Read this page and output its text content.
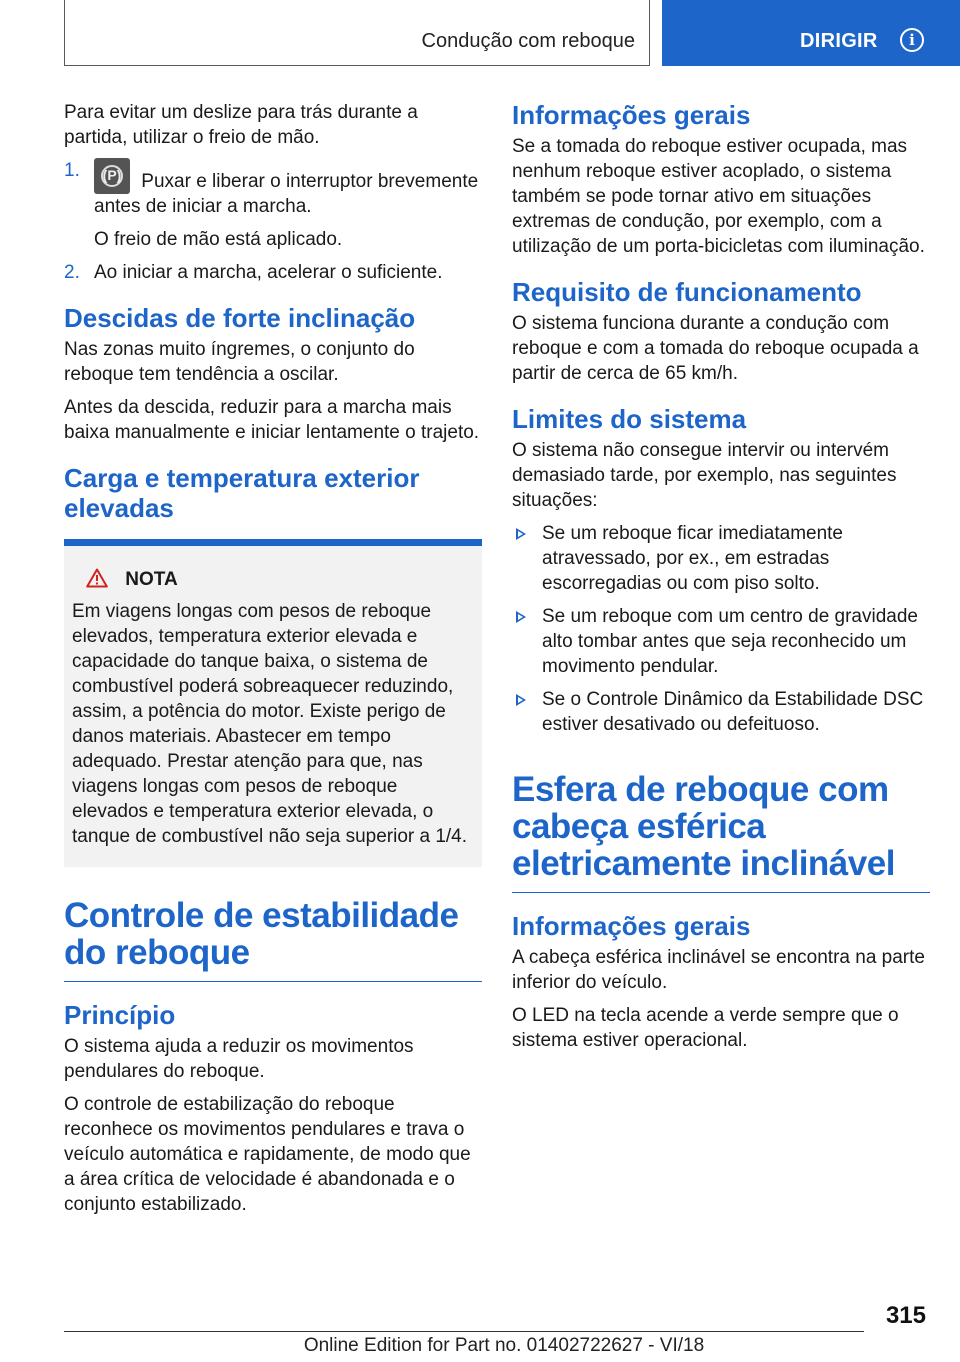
Condução com reboque	DIRIGIR	i

Para evitar um deslize para trás durante a partida, utilizar o freio de mão.

1.	(P)	Puxar e liberar o interruptor brevemente antes de iniciar a marcha.
O freio de mão está aplicado.
2. Ao iniciar a marcha, acelerar o suficiente.
Descidas de forte inclinação

Nas zonas muito íngremes, o conjunto do reboque tem tendência a oscilar.

Antes da descida, reduzir para a marcha mais baixa manualmente e iniciar lentamente o trajeto.

Carga e temperatura exterior elevadas
NOTA

Em viagens longas com pesos de reboque elevados, temperatura exterior elevada e capacidade do tanque baixa, o sistema de combustível poderá sobreaquecer reduzindo, assim, a potência do motor. Existe perigo de danos materiais. Abastecer em tempo adequado. Prestar atenção para que, nas viagens longas com pesos de reboque elevados e temperatura exterior elevada, o tanque de combustível não seja superior a 1/4.

Controle de estabilidade do reboque
Princípio

O sistema ajuda a reduzir os movimentos pendulares do reboque.

O controle de estabilização do reboque reconhece os movimentos pendulares e trava o veículo automática e rapidamente, de modo que a área crítica de velocidade é abandonada e o conjunto estabilizado.

Informações gerais

Se a tomada do reboque estiver ocupada, mas nenhum reboque estiver acoplado, o sistema também se pode tornar ativo em situações extremas de condução, por exemplo, com a utilização de um porta-bicicletas com iluminação.

Requisito de funcionamento

O sistema funciona durante a condução com reboque e com a tomada do reboque ocupada a partir de cerca de 65 km/h.

Limites do sistema

O sistema não consegue intervir ou intervém demasiado tarde, por exemplo, nas seguintes situações:

Se um reboque ficar imediatamente atravessado, por ex., em estradas escorregadias ou com piso solto.
Se um reboque com um centro de gravidade alto tombar antes que seja reconhecido um movimento pendular.
Se o Controle Dinâmico da Estabilidade DSC estiver desativado ou defeituoso.
Esfera de reboque com cabeça esférica eletricamente inclinável
Informações gerais

A cabeça esférica inclinável se encontra na parte inferior do veículo.

O LED na tecla acende a verde sempre que o sistema estiver operacional.

315
Online Edition for Part no. 01402722627 - VI/18
